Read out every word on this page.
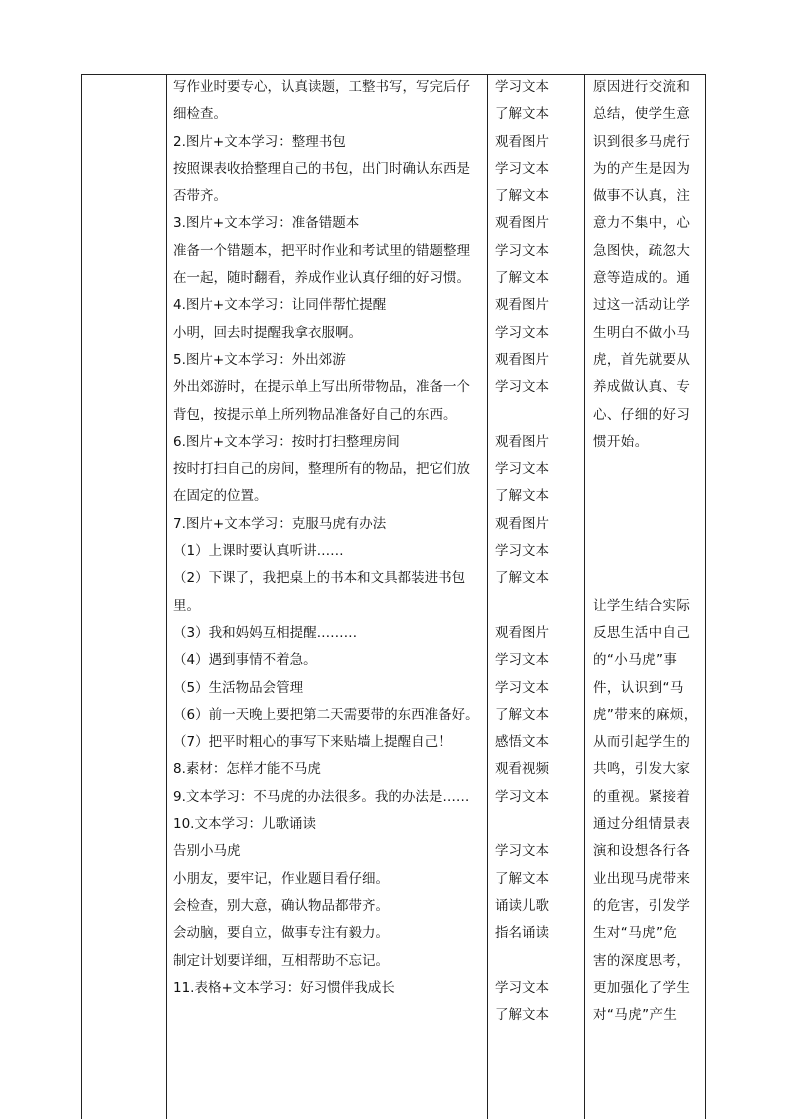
写作业时要专心，认真读题，工整书写，写完后仔
细检查。
2.图片+文本学习：整理书包
按照课表收拾整理自己的书包，出门时确认东西是
否带齐。
3.图片+文本学习：准备错题本
准备一个错题本，把平时作业和考试里的错题整理
在一起，随时翻看，养成作业认真仔细的好习惯。
4.图片+文本学习：让同伴帮忙提醒
小明，回去时提醒我拿衣服啊。
5.图片+文本学习：外出郊游
外出郊游时，在提示单上写出所带物品，准备一个
背包，按提示单上所列物品准备好自己的东西。
6.图片+文本学习：按时打扫整理房间
按时打扫自己的房间，整理所有的物品，把它们放
在固定的位置。
7.图片+文本学习：克服马虎有办法
（1）上课时要认真听讲……
（2）下课了，我把桌上的书本和文具都装进书包
里。
（3）我和妈妈互相提醒………
（4）遇到事情不着急。
（5）生活物品会管理
（6）前一天晚上要把第二天需要带的东西准备好。
（7）把平时粗心的事写下来贴墙上提醒自己！
8.素材：怎样才能不马虎
9.文本学习：不马虎的办法很多。我的办法是……
10.文本学习：儿歌诵读
告别小马虎
小朋友，要牢记，作业题目看仔细。
会检查，别大意，确认物品都带齐。
会动脑，要自立，做事专注有毅力。
制定计划要详细，互相帮助不忘记。
11.表格+文本学习：好习惯伴我成长
学习文本
了解文本
观看图片
学习文本
了解文本
观看图片
学习文本
了解文本
观看图片
学习文本
观看图片
学习文本
观看图片
学习文本
了解文本
观看图片
学习文本
了解文本
观看图片
学习文本
学习文本
了解文本
感悟文本
观看视频
学习文本
学习文本
了解文本
诵读儿歌
指名诵读
学习文本
了解文本
原因进行交流和
总结，使学生意
识到很多马虎行
为的产生是因为
做事不认真，注
意力不集中，心
急图快，疏忽大
意等造成的。通
过这一活动让学
生明白不做小马
虎，首先就要从
养成做认真、专
心、仔细的好习
惯开始。
让学生结合实际
反思生活中自己
的“小马虎”事
件，认识到“马
虎”带来的麻烦，
从而引起学生的
共鸣，引发大家
的重视。紧接着
通过分组情景表
演和设想各行各
业出现马虎带来
的危害，引发学
生对“马虎”危
害的深度思考，
更加强化了学生
对“马虎”产生
